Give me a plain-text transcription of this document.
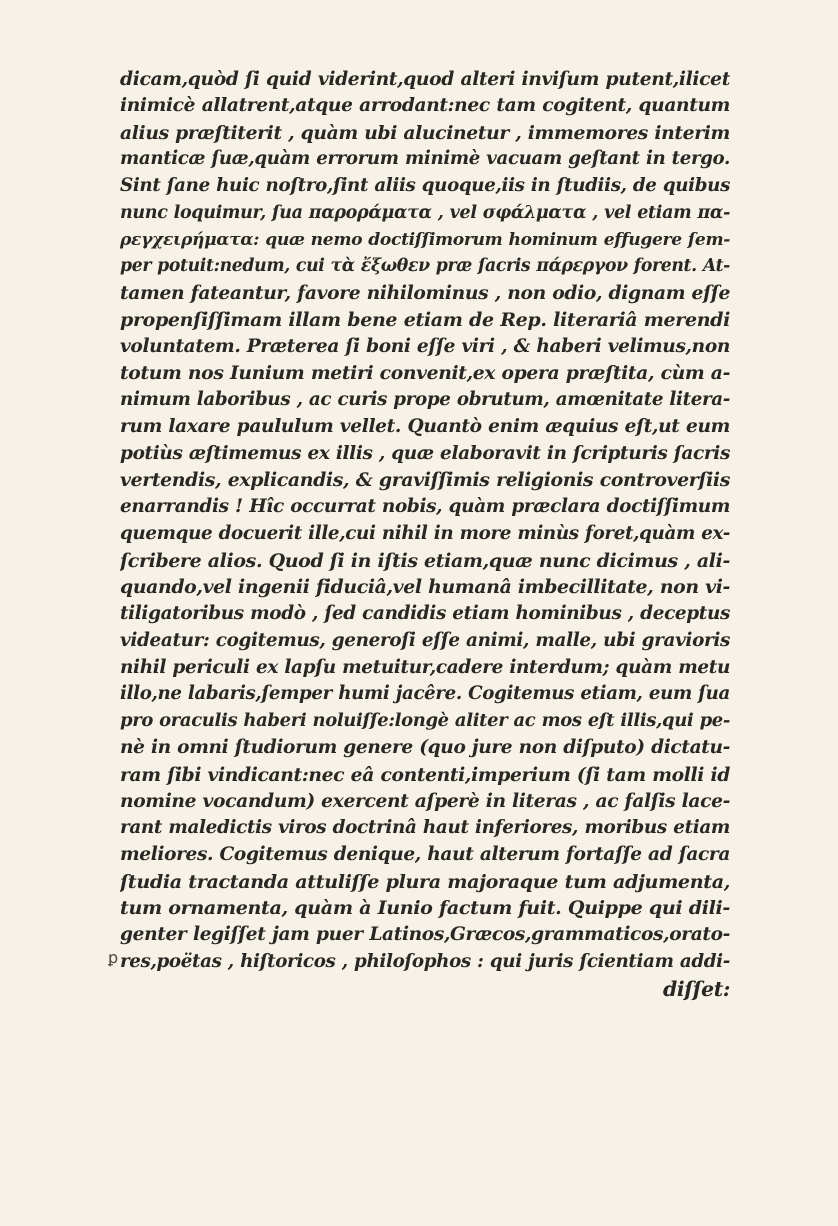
dicam,quòd ſi quid viderint,quod alteri inviſum putent,ilicet
inimicè allatrent,atque arrodant:nec tam cogitent, quantum
alius præſtiterit , quàm ubi alucinetur , immemores interim
manticæ ſuæ,quàm errorum minimè vacuam geſtant in tergo.
Sint ſane huic noſtro,ſint aliis quoque,iis in ſtudiis, de quibus
nunc loquimur, ſua παροράματα , vel σφάλματα , vel etiam πα-
ρεγχειρήματα: quæ nemo doctiſſimorum hominum effugere ſem-
per potuit:nedum, cui τὰ ἔξωθεν præ ſacris πάρεργον forent. At-
tamen fateantur, favore nihilominus , non odio, dignam eſſe
propenſiſſimam illam bene etiam de Rep. literariâ merendi
voluntatem. Præterea ſi boni eſſe viri , & haberi velimus,non
totum nos Iunium metiri convenit,ex opera præſtita, cùm a-
nimum laboribus , ac curis prope obrutum, amœnitate litera-
rum laxare paululum vellet. Quantò enim æquius eſt,ut eum
potiùs æſtimemus ex illis , quæ elaboravit in ſcripturis ſacris
vertendis, explicandis, & graviſſimis religionis controverſiis
enarrandis ! Hîc occurrat nobis, quàm præclara doctiſſimum
quemque docuerit ille,cui nihil in more minùs foret,quàm ex-
ſcribere alios. Quod ſi in iſtis etiam,quæ nunc dicimus , ali-
quando,vel ingenii fiduciâ,vel humanâ imbecillitate, non vi-
tiligatoribus modò , ſed candidis etiam hominibus , deceptus
videatur: cogitemus, generoſi eſſe animi, malle, ubi gravioris
nihil periculi ex lapſu metuitur,cadere interdum; quàm metu
illo,ne labaris,ſemper humi jacêre. Cogitemus etiam, eum ſua
pro oraculis haberi noluiſſe:longè aliter ac mos eſt illis,qui pe-
nè in omni ſtudiorum genere (quo jure non diſputo) dictatu-
ram ſibi vindicant:nec eâ contenti,imperium (ſi tam molli id
nomine vocandum) exercent aſperè in literas , ac falſis lace-
rant maledictis viros doctrinâ haut inferiores, moribus etiam
meliores. Cogitemus denique, haut alterum fortaſſe ad ſacra
ſtudia tractanda attuliſſe plura majoraque tum adjumenta,
tum ornamenta, quàm à Iunio factum fuit. Quippe qui dili-
genter legiſſet jam puer Latinos,Græcos,grammaticos,orato-
res,poëtas , hiſtoricos , philoſophos : qui juris ſcientiam addi-
diſſet:
ꝑ
